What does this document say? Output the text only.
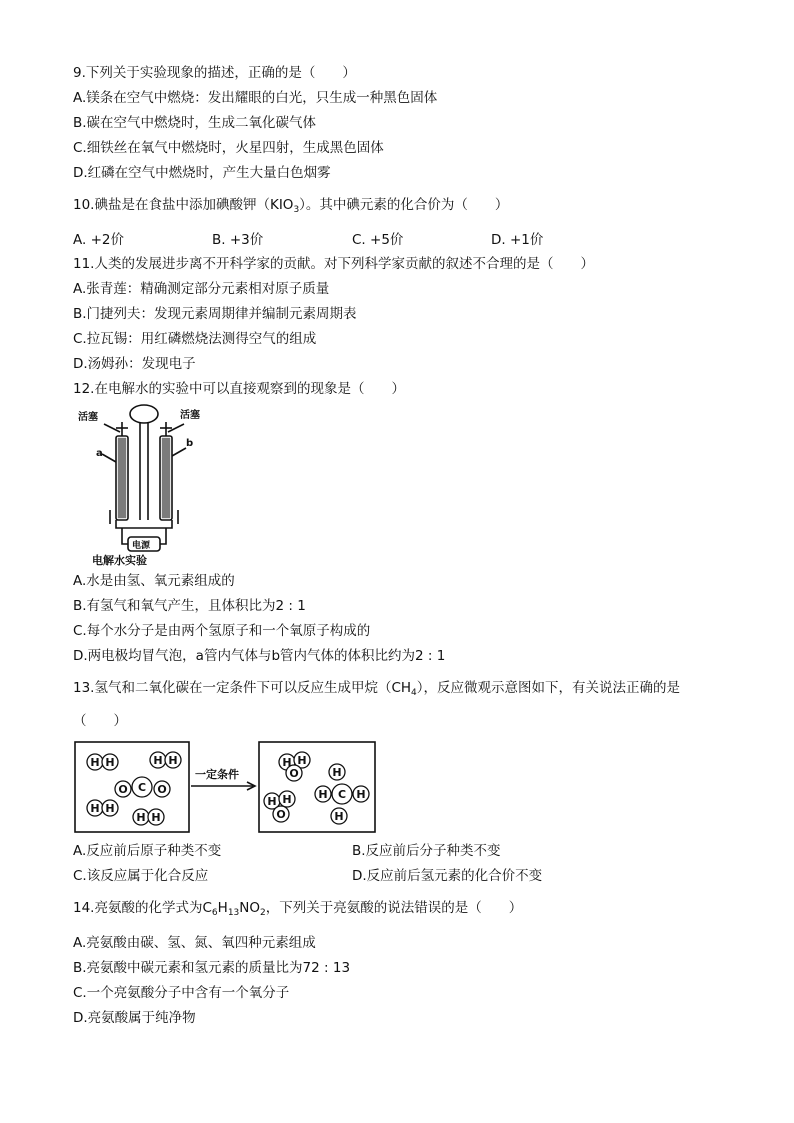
9.下列关于实验现象的描述，正确的是（　　）
A.镁条在空气中燃烧：发出耀眼的白光，只生成一种黑色固体
B.碳在空气中燃烧时，生成二氧化碳气体
C.细铁丝在氧气中燃烧时，火星四射，生成黑色固体
D.红磷在空气中燃烧时，产生大量白色烟雾
10.碘盐是在食盐中添加碘酸钾$(KIO_3)$。其中碘元素的化合价为（　　）
A. +2价	B. +3价	C. +5价	D. +1价
11.人类的发展进步离不开科学家的贡献。对下列科学家贡献的叙述不合理的是（　　）
A.张青莲：精确测定部分元素相对原子质量
B.门捷列夫：发现元素周期律并编制元素周期表
C.拉瓦锡：用红磷燃烧法测得空气的组成
D.汤姆孙：发现电子
12.在电解水的实验中可以直接观察到的现象是（　　）
活塞	活塞
a
b
电源
电解水实验
A.水是由氢、氧元素组成的
B.有氢气和氧气产生，且体积比为2 : 1
C.每个水分子是由两个氢原子和一个氧原子构成的
D.两电极均冒气泡，a管内气体与b管内气体的体积比约为2 : 1
13.氢气和二氧化碳在一定条件下可以反应生成甲烷$(CH_4)$，反应微观示意图如下，有关说法正确的是
（　　）
一定条件
H H	H H
O C O
H H
H H
H H
O
H H
O
H
H C H
H
A.反应前后原子种类不变	B.反应前后分子种类不变
C.该反应属于化合反应	D.反应前后氢元素的化合价不变
14.亮氨酸的化学式为$C_6H_{13}NO_2$，下列关于亮氨酸的说法错误的是（　　）
A.亮氨酸由碳、氢、氮、氧四种元素组成
B.亮氨酸中碳元素和氢元素的质量比为72 : 13
C.一个亮氨酸分子中含有一个氧分子
D.亮氨酸属于纯净物
